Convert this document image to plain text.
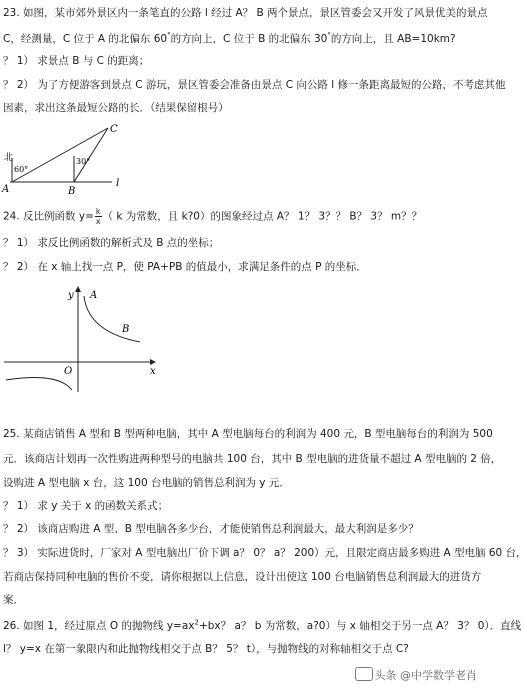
23. 如图，某市郊外景区内一条笔直的公路 l 经过 A？ B 两个景点，景区管委会又开发了风景优美的景点
C，经测量，C 位于 A 的北偏东 60°的方向上，C 位于 B 的北偏东 30°的方向上，且 AB=10km?
？ 1） 求景点 B 与 C 的距离；
？ 2） 为了方便游客到景点 C 游玩，景区管委会准备由景点 C 向公路 l 修一条距离最短的公路，不考虑其他
因素，求出这条最短公路的长．（结果保留根号）
北
60°
30°
A	B
C
l
24. 反比例函数 $y= \frac{k}{x}$ （ k 为常数，且 k?0）的图象经过点 A？ 1？ 3？？ B？ 3？ m？？
？ 1） 求反比例函数的解析式及 B 点的坐标；
？ 2） 在 x 轴上找一点 P，使 PA+PB 的值最小，求满足条件的点 P 的坐标．
y
x
O
A
B
25. 某商店销售 A 型和 B 型两种电脑，其中 A 型电脑每台的利润为 400 元，B 型电脑每台的利润为 500
元．该商店计划再一次性购进两种型号的电脑共 100 台，其中 B 型电脑的进货量不超过 A 型电脑的 2 倍，
设购进 A 型电脑 x 台，这 100 台电脑的销售总利润为 y 元．
？ 1） 求 y 关于 x 的函数关系式；
？ 2） 该商店购进 A 型、B 型电脑各多少台，才能使销售总利润最大，最大利润是多少？
？ 3） 实际进货时，厂家对 A 型电脑出厂价下调 a？ 0？ a？ 200）元，且限定商店最多购进 A 型电脑 60 台，
若商店保持同种电脑的售价不变，请你根据以上信息，设计出使这 100 台电脑销售总利润最大的进货方
案．
26. 如图 1，经过原点 O 的抛物线 $y=ax^2+bx$？ a？ b 为常数，a?0）与 x 轴相交于另一点 A？ 3？ 0）．直线
l？ y=x 在第一象限内和此抛物线相交于点 B？ 5？ t），与抛物线的对称轴相交于点 C?
头条 @中学数学老肖
